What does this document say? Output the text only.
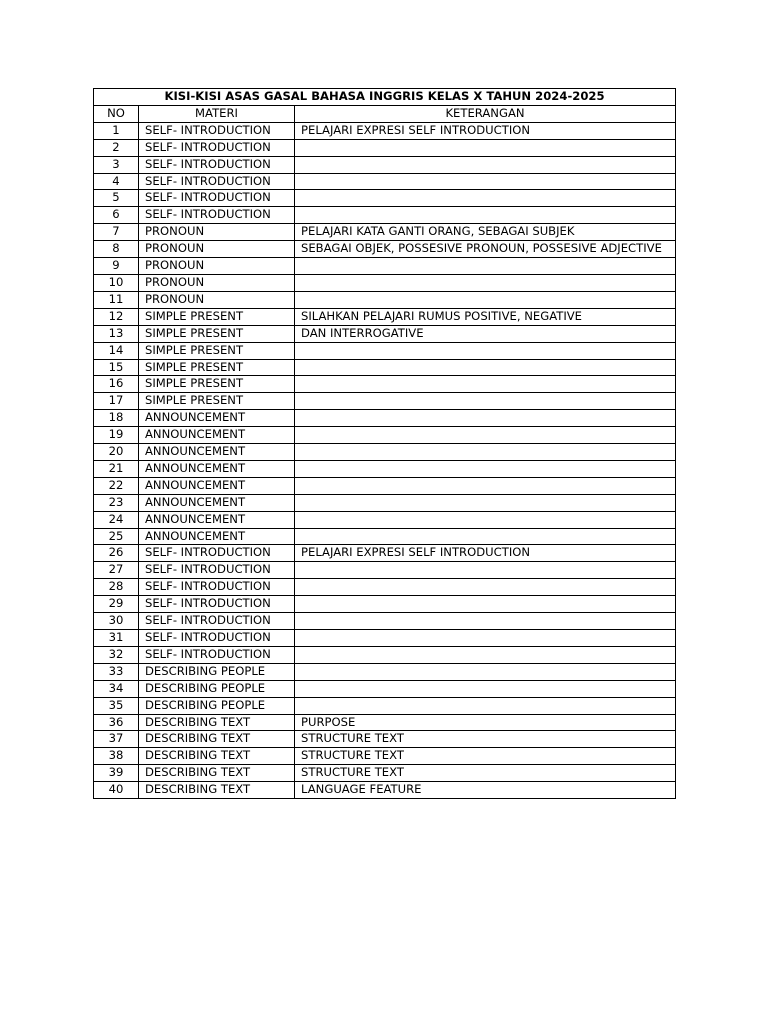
KISI-KISI ASAS GASAL BAHASA INGGRIS KELAS X TAHUN 2024-2025		
NO	MATERI	KETERANGAN
1	SELF- INTRODUCTION	PELAJARI EXPRESI SELF INTRODUCTION
2	SELF- INTRODUCTION	
3	SELF- INTRODUCTION	
4	SELF- INTRODUCTION	
5	SELF- INTRODUCTION	
6	SELF- INTRODUCTION	
7	PRONOUN	PELAJARI KATA GANTI ORANG, SEBAGAI SUBJEK
8	PRONOUN	SEBAGAI OBJEK, POSSESIVE PRONOUN, POSSESIVE ADJECTIVE
9	PRONOUN	
10	PRONOUN	
11	PRONOUN	
12	SIMPLE PRESENT	SILAHKAN PELAJARI RUMUS POSITIVE, NEGATIVE
13	SIMPLE PRESENT	DAN INTERROGATIVE
14	SIMPLE PRESENT	
15	SIMPLE PRESENT	
16	SIMPLE PRESENT	
17	SIMPLE PRESENT	
18	ANNOUNCEMENT	
19	ANNOUNCEMENT	
20	ANNOUNCEMENT	
21	ANNOUNCEMENT	
22	ANNOUNCEMENT	
23	ANNOUNCEMENT	
24	ANNOUNCEMENT	
25	ANNOUNCEMENT	
26	SELF- INTRODUCTION	PELAJARI EXPRESI SELF INTRODUCTION
27	SELF- INTRODUCTION	
28	SELF- INTRODUCTION	
29	SELF- INTRODUCTION	
30	SELF- INTRODUCTION	
31	SELF- INTRODUCTION	
32	SELF- INTRODUCTION	
33	DESCRIBING PEOPLE	
34	DESCRIBING PEOPLE	
35	DESCRIBING PEOPLE	
36	DESCRIBING TEXT	PURPOSE
37	DESCRIBING TEXT	STRUCTURE TEXT
38	DESCRIBING TEXT	STRUCTURE TEXT
39	DESCRIBING TEXT	STRUCTURE TEXT
40	DESCRIBING TEXT	LANGUAGE FEATURE
